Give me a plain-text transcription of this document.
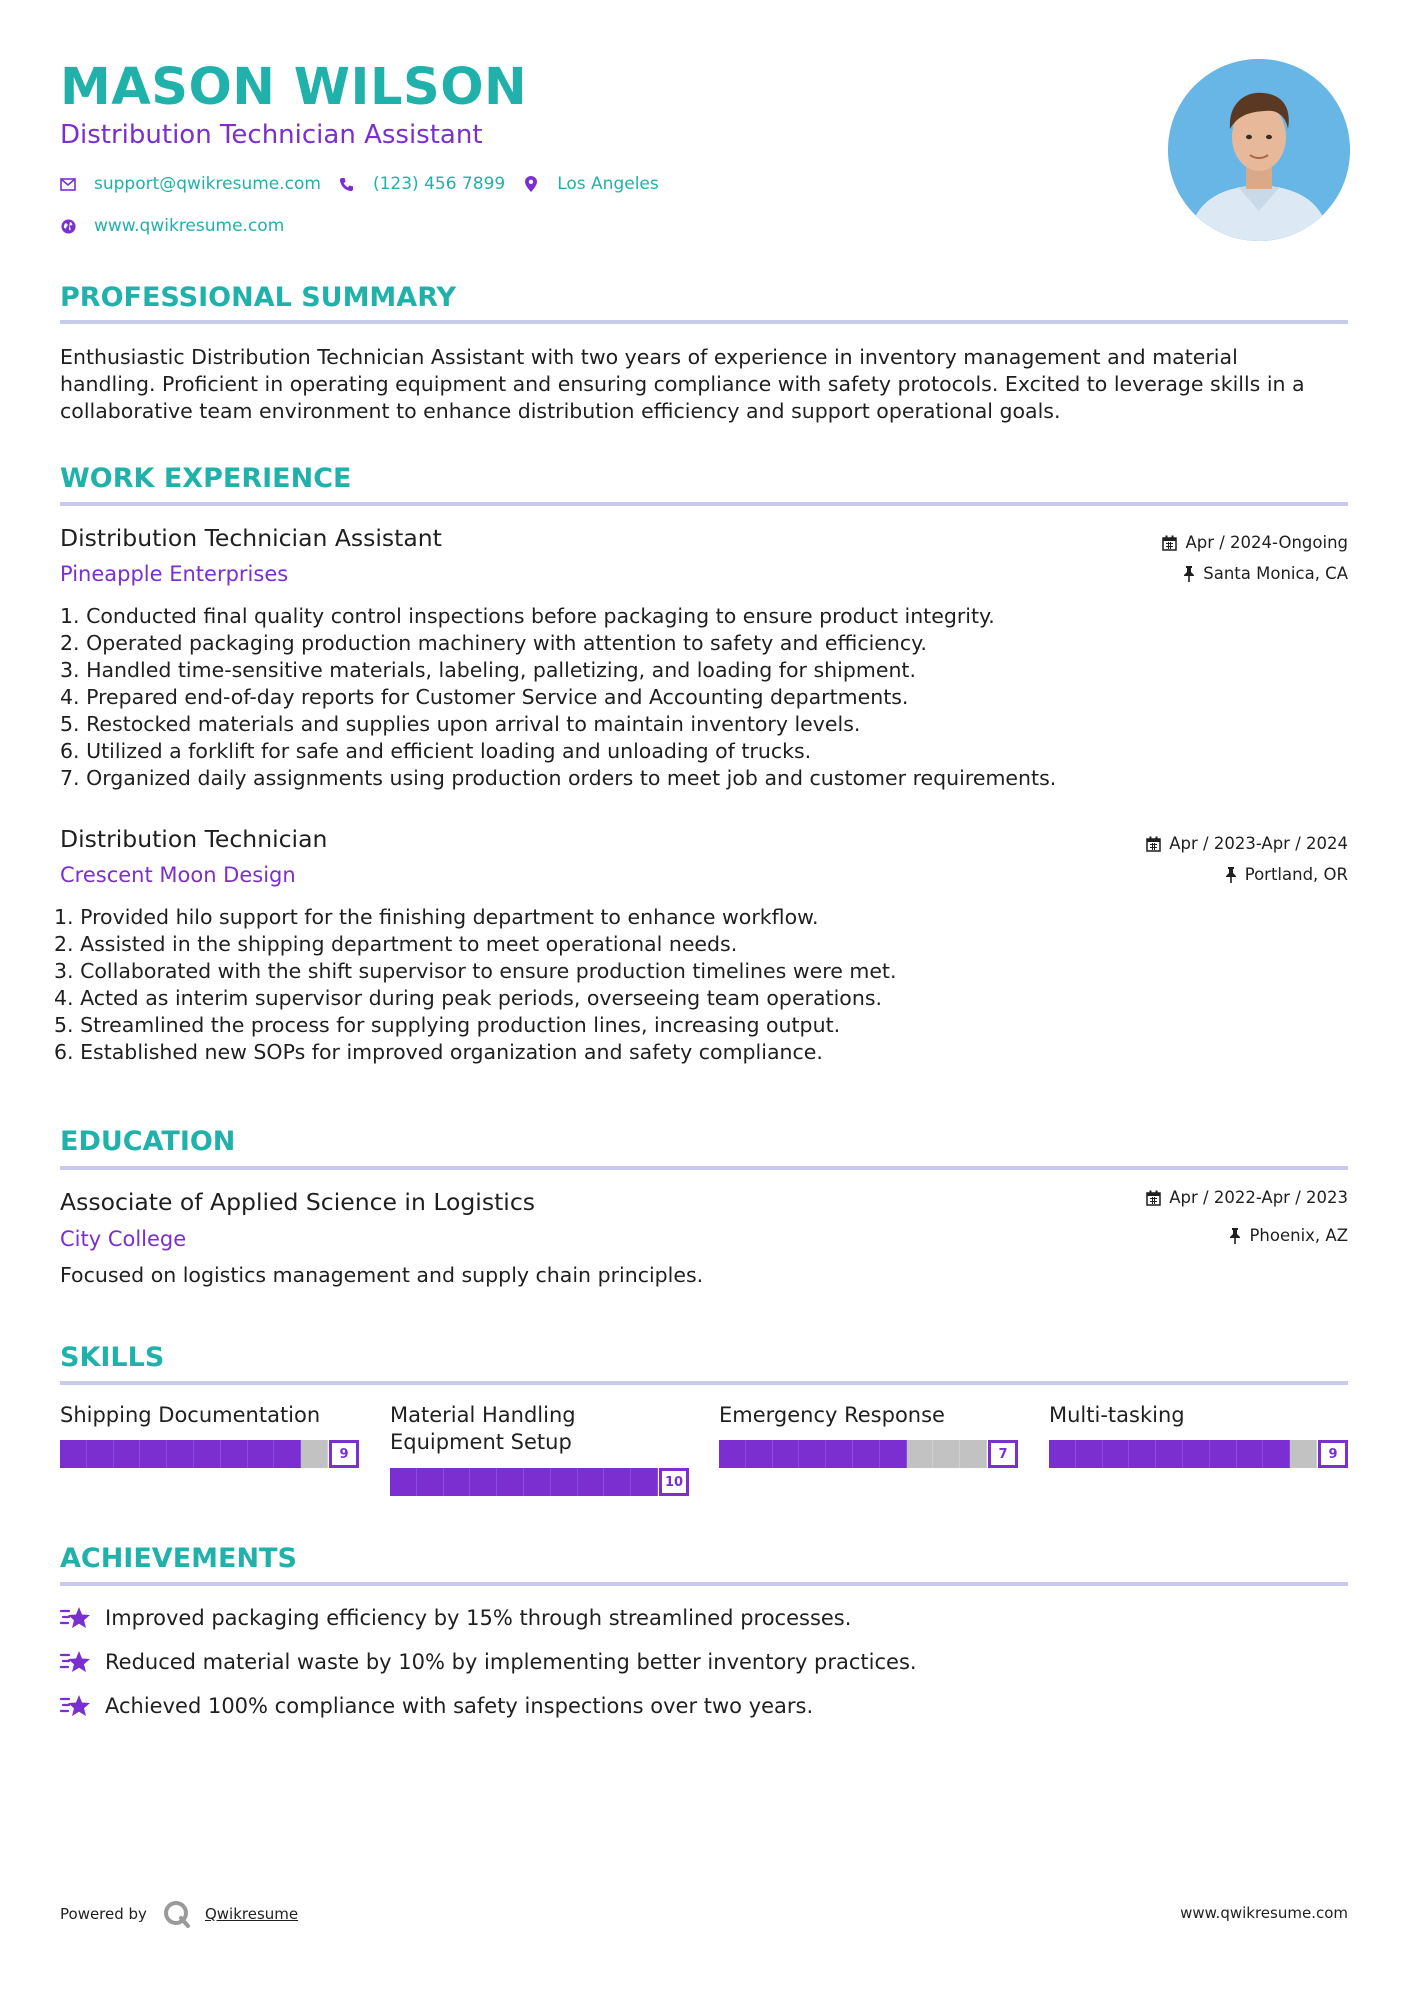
MASON WILSON
Distribution Technician Assistant
support@qwikresume.com	(123) 456 7899	Los Angeles
www.qwikresume.com
PROFESSIONAL SUMMARY
Enthusiastic Distribution Technician Assistant with two years of experience in inventory management and material
handling. Proficient in operating equipment and ensuring compliance with safety protocols. Excited to leverage skills in a
collaborative team environment to enhance distribution efficiency and support operational goals.
WORK EXPERIENCE
Distribution Technician Assistant
Pineapple Enterprises
Apr / 2024-Ongoing
Santa Monica, CA
1. Conducted final quality control inspections before packaging to ensure product integrity.
2. Operated packaging production machinery with attention to safety and efficiency.
3. Handled time-sensitive materials, labeling, palletizing, and loading for shipment.
4. Prepared end-of-day reports for Customer Service and Accounting departments.
5. Restocked materials and supplies upon arrival to maintain inventory levels.
6. Utilized a forklift for safe and efficient loading and unloading of trucks.
7. Organized daily assignments using production orders to meet job and customer requirements.
Distribution Technician
Crescent Moon Design
Apr / 2023-Apr / 2024
Portland, OR
1. Provided hilo support for the finishing department to enhance workflow.
2. Assisted in the shipping department to meet operational needs.
3. Collaborated with the shift supervisor to ensure production timelines were met.
4. Acted as interim supervisor during peak periods, overseeing team operations.
5. Streamlined the process for supplying production lines, increasing output.
6. Established new SOPs for improved organization and safety compliance.
EDUCATION
Associate of Applied Science in Logistics
City College
Apr / 2022-Apr / 2023
Phoenix, AZ
Focused on logistics management and supply chain principles.
SKILLS
Shipping Documentation
9
Material Handling
Equipment Setup
10
Emergency Response
7
Multi-tasking
9
ACHIEVEMENTS
Improved packaging efficiency by 15% through streamlined processes.
Reduced material waste by 10% by implementing better inventory practices.
Achieved 100% compliance with safety inspections over two years.
Powered by	Qwikresume	www.qwikresume.com
